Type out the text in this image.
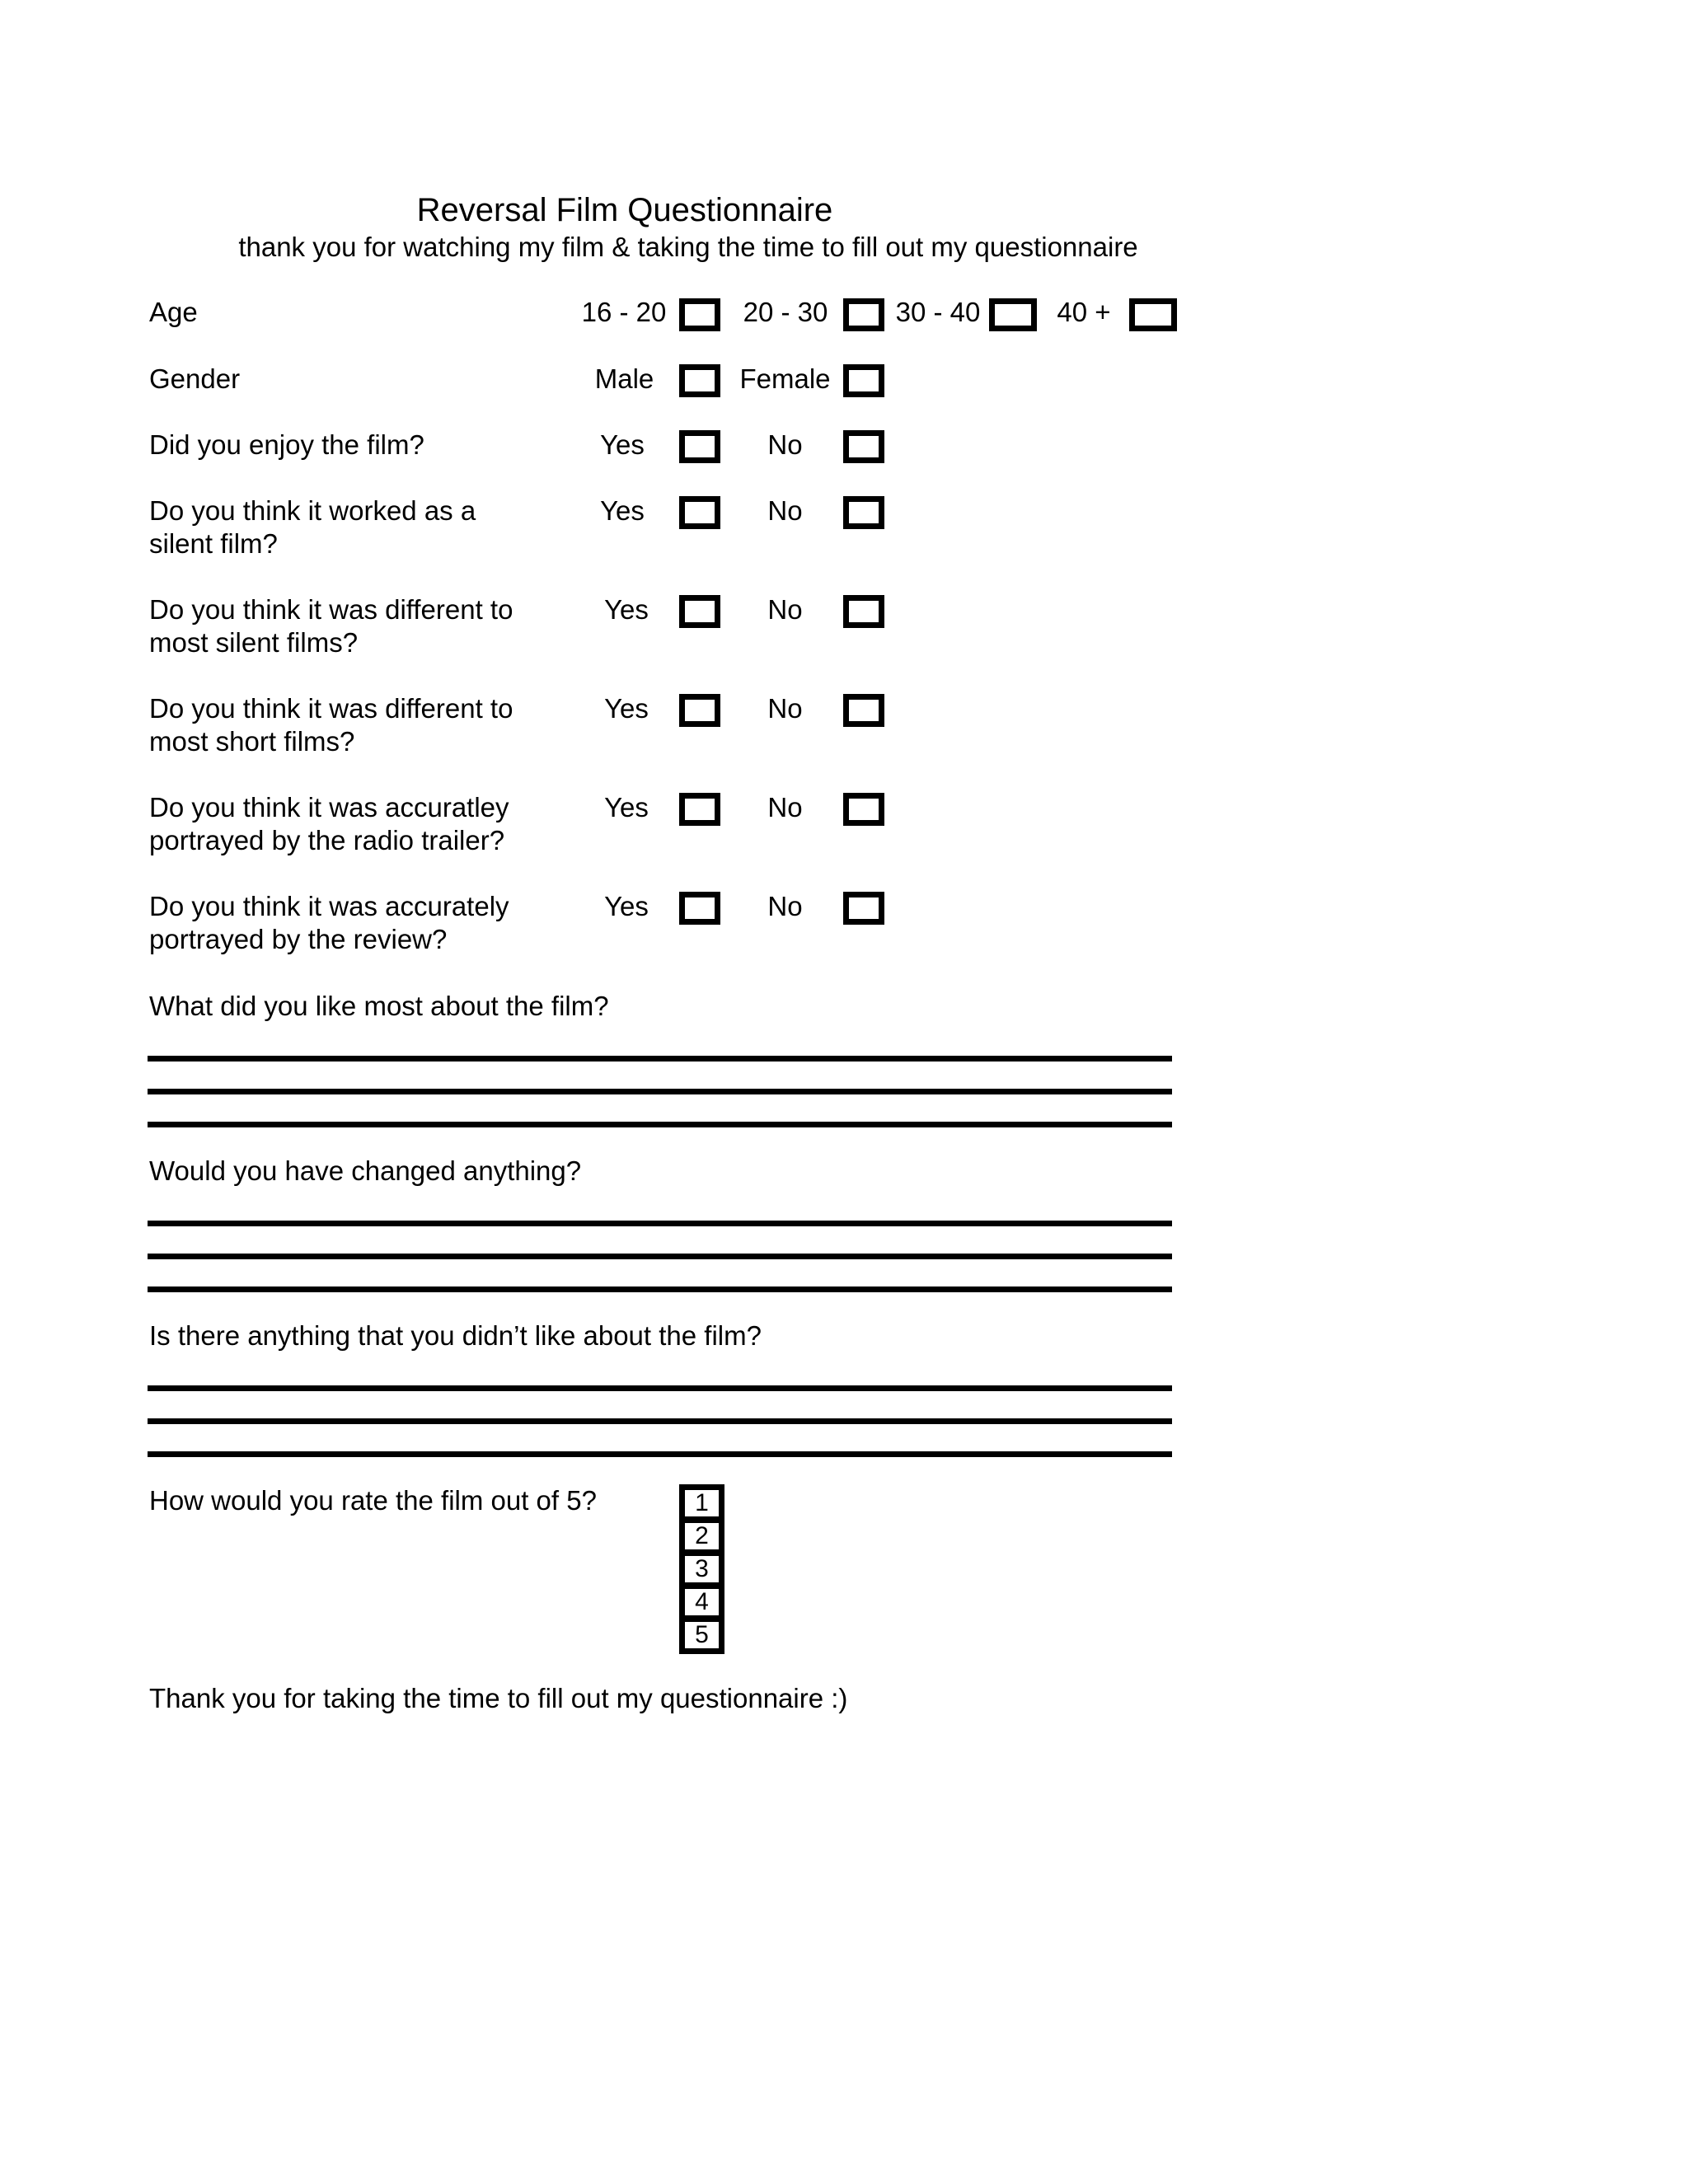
Reversal Film Questionnaire
thank you for watching my film & taking the time to fill out my questionnaire
Age	16 - 20	20 - 30	30 - 40	40 +
Gender	Male	Female
Did you enjoy the film?	Yes	No
Do you think it worked as a
silent film?
Yes	No
Do you think it was different to
most silent films?
Yes	No
Do you think it was different to
most short films?
Yes	No
Do you think it was accuratley
portrayed by the radio trailer?
Yes	No
Do you think it was accurately
portrayed by the review?
Yes	No
What did you like most about the film?
Would you have changed anything?
Is there anything that you didn’t like about the film?
How would you rate the film out of 5?	1
2
3
4
5
Thank you for taking the time to fill out my questionnaire :)
